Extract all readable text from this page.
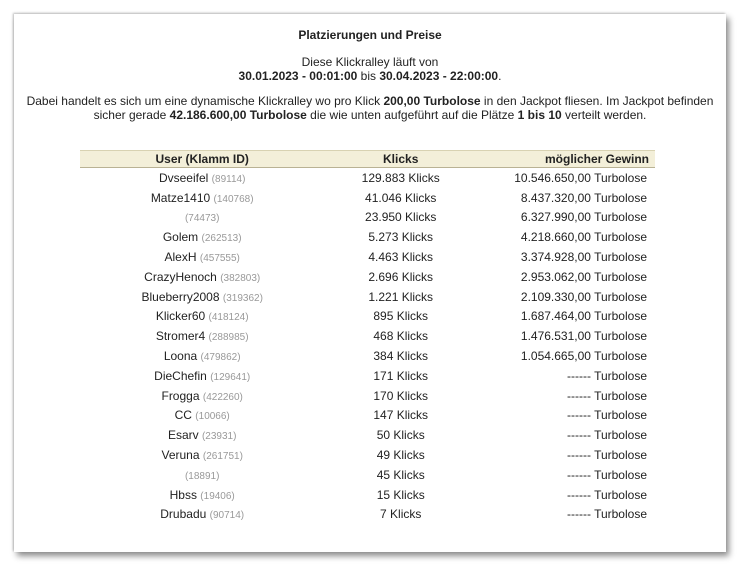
Platzierungen und Preise
Diese Klickralley läuft von
30.01.2023 - 00:01:00 bis 30.04.2023 - 22:00:00.
Dabei handelt es sich um eine dynamische Klickralley wo pro Klick 200,00 Turbolose in den Jackpot fliesen. Im Jackpot befinden sicher gerade 42.186.600,00 Turbolose die wie unten aufgeführt auf die Plätze 1 bis 10 verteilt werden.
User (Klamm ID)	Klicks	möglicher Gewinn
Dvseeifel (89114)	129.883 Klicks	10.546.650,00 Turbolose
Matze1410 (140768)	41.046 Klicks	8.437.320,00 Turbolose
(74473)	23.950 Klicks	6.327.990,00 Turbolose
Golem (262513)	5.273 Klicks	4.218.660,00 Turbolose
AlexH (457555)	4.463 Klicks	3.374.928,00 Turbolose
CrazyHenoch (382803)	2.696 Klicks	2.953.062,00 Turbolose
Blueberry2008 (319362)	1.221 Klicks	2.109.330,00 Turbolose
Klicker60 (418124)	895 Klicks	1.687.464,00 Turbolose
Stromer4 (288985)	468 Klicks	1.476.531,00 Turbolose
Loona (479862)	384 Klicks	1.054.665,00 Turbolose
DieChefin (129641)	171 Klicks	------ Turbolose
Frogga (422260)	170 Klicks	------ Turbolose
CC (10066)	147 Klicks	------ Turbolose
Esarv (23931)	50 Klicks	------ Turbolose
Veruna (261751)	49 Klicks	------ Turbolose
(18891)	45 Klicks	------ Turbolose
Hbss (19406)	15 Klicks	------ Turbolose
Drubadu (90714)	7 Klicks	------ Turbolose
